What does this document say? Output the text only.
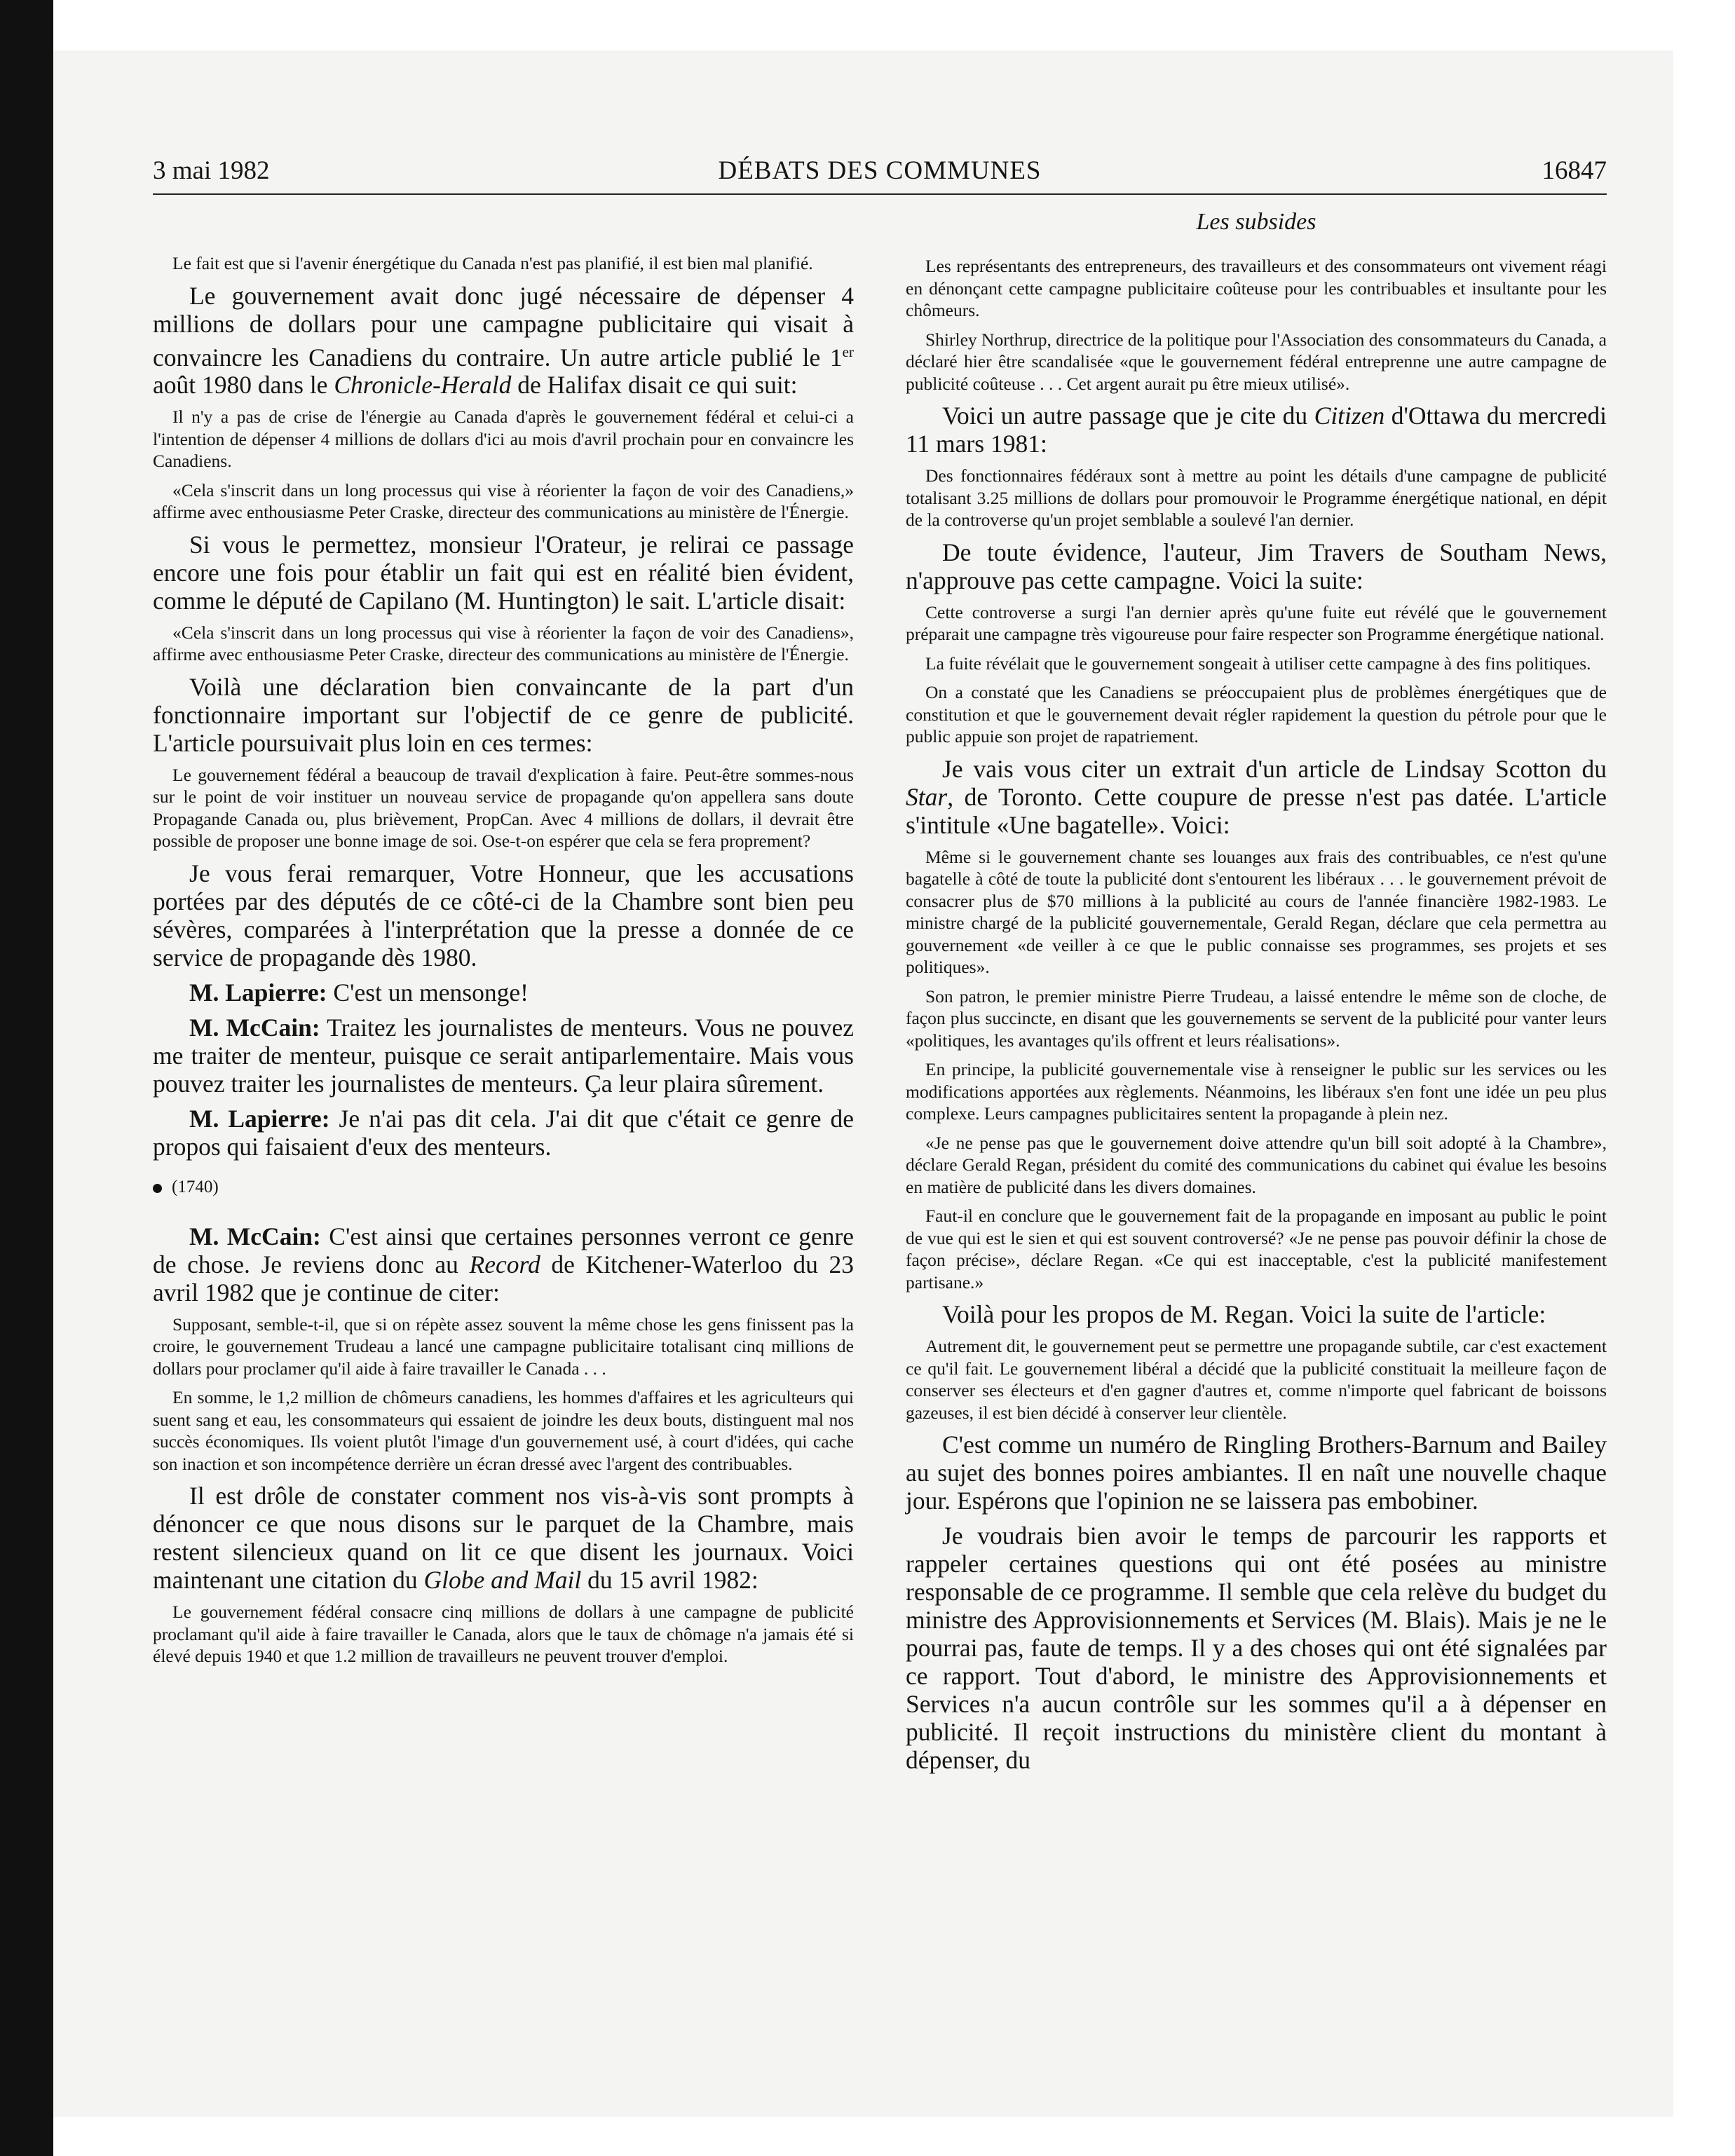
3 mai 1982	DÉBATS DES COMMUNES	16847

Le fait est que si l'avenir énergétique du Canada n'est pas planifié, il est bien mal planifié.

Le gouvernement avait donc jugé nécessaire de dépenser 4 millions de dollars pour une campagne publicitaire qui visait à convaincre les Canadiens du contraire. Un autre article publié le 1er août 1980 dans le Chronicle-Herald de Halifax disait ce qui suit:

Il n'y a pas de crise de l'énergie au Canada d'après le gouvernement fédéral et celui-ci a l'intention de dépenser 4 millions de dollars d'ici au mois d'avril prochain pour en convaincre les Canadiens.

«Cela s'inscrit dans un long processus qui vise à réorienter la façon de voir des Canadiens,» affirme avec enthousiasme Peter Craske, directeur des communications au ministère de l'Énergie.

Si vous le permettez, monsieur l'Orateur, je relirai ce passage encore une fois pour établir un fait qui est en réalité bien évident, comme le député de Capilano (M. Huntington) le sait. L'article disait:

«Cela s'inscrit dans un long processus qui vise à réorienter la façon de voir des Canadiens», affirme avec enthousiasme Peter Craske, directeur des communications au ministère de l'Énergie.

Voilà une déclaration bien convaincante de la part d'un fonctionnaire important sur l'objectif de ce genre de publicité. L'article poursuivait plus loin en ces termes:

Le gouvernement fédéral a beaucoup de travail d'explication à faire. Peut-être sommes-nous sur le point de voir instituer un nouveau service de propagande qu'on appellera sans doute Propagande Canada ou, plus brièvement, PropCan. Avec 4 millions de dollars, il devrait être possible de proposer une bonne image de soi. Ose-t-on espérer que cela se fera proprement?

Je vous ferai remarquer, Votre Honneur, que les accusations portées par des députés de ce côté-ci de la Chambre sont bien peu sévères, comparées à l'interprétation que la presse a donnée de ce service de propagande dès 1980.

M. Lapierre: C'est un mensonge!

M. McCain: Traitez les journalistes de menteurs. Vous ne pouvez me traiter de menteur, puisque ce serait antiparlementaire. Mais vous pouvez traiter les journalistes de menteurs. Ça leur plaira sûrement.

M. Lapierre: Je n'ai pas dit cela. J'ai dit que c'était ce genre de propos qui faisaient d'eux des menteurs.

(1740)

M. McCain: C'est ainsi que certaines personnes verront ce genre de chose. Je reviens donc au Record de Kitchener-Waterloo du 23 avril 1982 que je continue de citer:

Supposant, semble-t-il, que si on répète assez souvent la même chose les gens finissent pas la croire, le gouvernement Trudeau a lancé une campagne publicitaire totalisant cinq millions de dollars pour proclamer qu'il aide à faire travailler le Canada . . .

En somme, le 1,2 million de chômeurs canadiens, les hommes d'affaires et les agriculteurs qui suent sang et eau, les consommateurs qui essaient de joindre les deux bouts, distinguent mal nos succès économiques. Ils voient plutôt l'image d'un gouvernement usé, à court d'idées, qui cache son inaction et son incompétence derrière un écran dressé avec l'argent des contribuables.

Il est drôle de constater comment nos vis-à-vis sont prompts à dénoncer ce que nous disons sur le parquet de la Chambre, mais restent silencieux quand on lit ce que disent les journaux. Voici maintenant une citation du Globe and Mail du 15 avril 1982:

Le gouvernement fédéral consacre cinq millions de dollars à une campagne de publicité proclamant qu'il aide à faire travailler le Canada, alors que le taux de chômage n'a jamais été si élevé depuis 1940 et que 1.2 million de travailleurs ne peuvent trouver d'emploi.

Les subsides

Les représentants des entrepreneurs, des travailleurs et des consommateurs ont vivement réagi en dénonçant cette campagne publicitaire coûteuse pour les contribuables et insultante pour les chômeurs.

Shirley Northrup, directrice de la politique pour l'Association des consommateurs du Canada, a déclaré hier être scandalisée «que le gouvernement fédéral entreprenne une autre campagne de publicité coûteuse . . . Cet argent aurait pu être mieux utilisé».

Voici un autre passage que je cite du Citizen d'Ottawa du mercredi 11 mars 1981:

Des fonctionnaires fédéraux sont à mettre au point les détails d'une campagne de publicité totalisant 3.25 millions de dollars pour promouvoir le Programme énergétique national, en dépit de la controverse qu'un projet semblable a soulevé l'an dernier.

De toute évidence, l'auteur, Jim Travers de Southam News, n'approuve pas cette campagne. Voici la suite:

Cette controverse a surgi l'an dernier après qu'une fuite eut révélé que le gouvernement préparait une campagne très vigoureuse pour faire respecter son Programme énergétique national.

La fuite révélait que le gouvernement songeait à utiliser cette campagne à des fins politiques.

On a constaté que les Canadiens se préoccupaient plus de problèmes énergétiques que de constitution et que le gouvernement devait régler rapidement la question du pétrole pour que le public appuie son projet de rapatriement.

Je vais vous citer un extrait d'un article de Lindsay Scotton du Star, de Toronto. Cette coupure de presse n'est pas datée. L'article s'intitule «Une bagatelle». Voici:

Même si le gouvernement chante ses louanges aux frais des contribuables, ce n'est qu'une bagatelle à côté de toute la publicité dont s'entourent les libéraux . . . le gouvernement prévoit de consacrer plus de $70 millions à la publicité au cours de l'année financière 1982-1983. Le ministre chargé de la publicité gouvernementale, Gerald Regan, déclare que cela permettra au gouvernement «de veiller à ce que le public connaisse ses programmes, ses projets et ses politiques».

Son patron, le premier ministre Pierre Trudeau, a laissé entendre le même son de cloche, de façon plus succincte, en disant que les gouvernements se servent de la publicité pour vanter leurs «politiques, les avantages qu'ils offrent et leurs réalisations».

En principe, la publicité gouvernementale vise à renseigner le public sur les services ou les modifications apportées aux règlements. Néanmoins, les libéraux s'en font une idée un peu plus complexe. Leurs campagnes publicitaires sentent la propagande à plein nez.

«Je ne pense pas que le gouvernement doive attendre qu'un bill soit adopté à la Chambre», déclare Gerald Regan, président du comité des communications du cabinet qui évalue les besoins en matière de publicité dans les divers domaines.

Faut-il en conclure que le gouvernement fait de la propagande en imposant au public le point de vue qui est le sien et qui est souvent controversé? «Je ne pense pas pouvoir définir la chose de façon précise», déclare Regan. «Ce qui est inacceptable, c'est la publicité manifestement partisane.»

Voilà pour les propos de M. Regan. Voici la suite de l'article:

Autrement dit, le gouvernement peut se permettre une propagande subtile, car c'est exactement ce qu'il fait. Le gouvernement libéral a décidé que la publicité constituait la meilleure façon de conserver ses électeurs et d'en gagner d'autres et, comme n'importe quel fabricant de boissons gazeuses, il est bien décidé à conserver leur clientèle.

C'est comme un numéro de Ringling Brothers-Barnum and Bailey au sujet des bonnes poires ambiantes. Il en naît une nouvelle chaque jour. Espérons que l'opinion ne se laissera pas embobiner.

Je voudrais bien avoir le temps de parcourir les rapports et rappeler certaines questions qui ont été posées au ministre responsable de ce programme. Il semble que cela relève du budget du ministre des Approvisionnements et Services (M. Blais). Mais je ne le pourrai pas, faute de temps. Il y a des choses qui ont été signalées par ce rapport. Tout d'abord, le ministre des Approvisionnements et Services n'a aucun contrôle sur les sommes qu'il a à dépenser en publicité. Il reçoit instructions du ministère client du montant à dépenser, du
